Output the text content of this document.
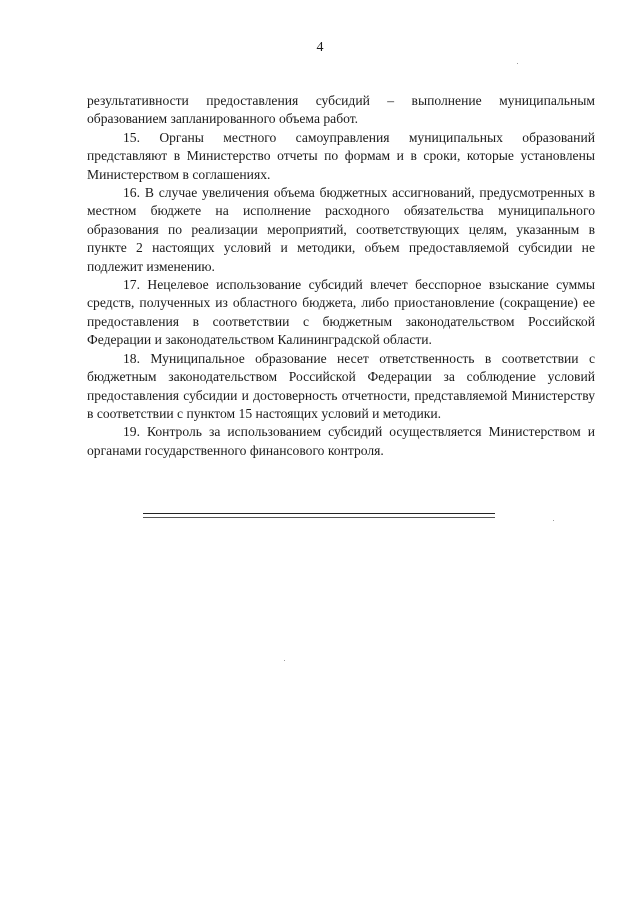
4

результативности предоставления субсидий – выполнение муниципальным образованием запланированного объема работ.

15. Органы местного самоуправления муниципальных образований представляют в Министерство отчеты по формам и в сроки, которые установлены Министерством в соглашениях.

16. В случае увеличения объема бюджетных ассигнований, предусмотренных в местном бюджете на исполнение расходного обязательства муниципального образования по реализации мероприятий, соответствующих целям, указанным в пункте 2 настоящих условий и методики, объем предоставляемой субсидии не подлежит изменению.

17. Нецелевое использование субсидий влечет бесспорное взыскание суммы средств, полученных из областного бюджета, либо приостановление (сокращение) ее предоставления в соответствии с бюджетным законодательством Российской Федерации и законодательством Калининградской области.

18. Муниципальное образование несет ответственность в соответствии с бюджетным законодательством Российской Федерации за соблюдение условий предоставления субсидии и достоверность отчетности, представляемой Министерству в соответствии с пунктом 15 настоящих условий и методики.

19. Контроль за использованием субсидий осуществляется Министерством и органами государственного финансового контроля.
